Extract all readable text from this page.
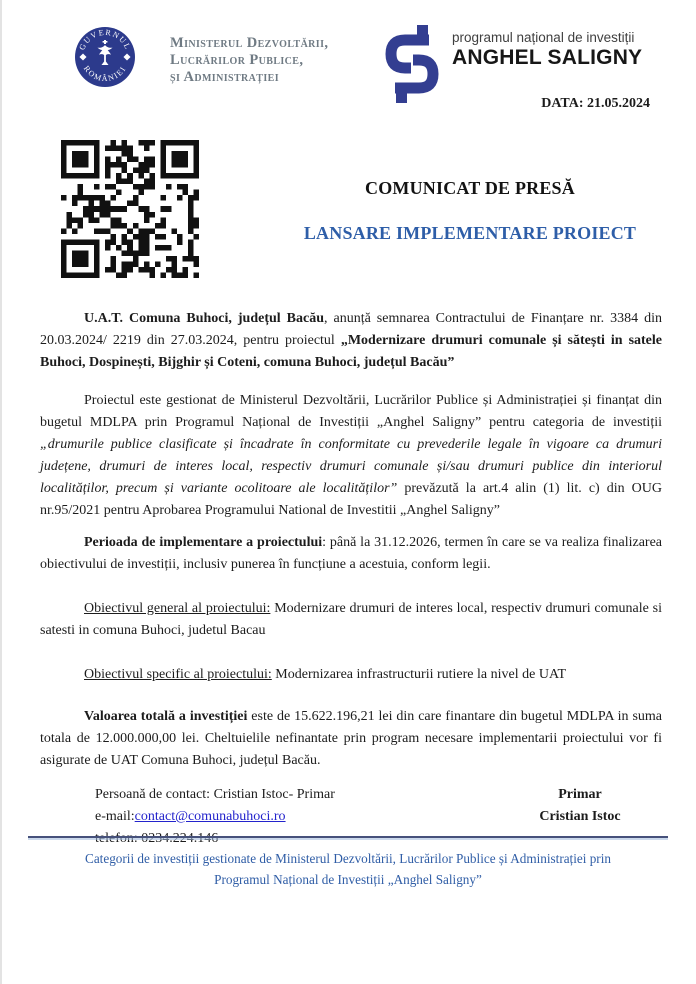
GUVERNUL
ROMÂNIEI
Ministerul Dezvoltării,
Lucrărilor Publice,
și Administrației
programul național de investiții
ANGHEL SALIGNY
DATA: 21.05.2024
COMUNICAT DE PRESĂ
LANSARE IMPLEMENTARE PROIECT

U.A.T. Comuna Buhoci, județul Bacău, anunță semnarea Contractului de Finanțare nr. 3384 din 20.03.2024/ 2219 din 27.03.2024, pentru proiectul „Modernizare drumuri comunale și sătești in satele Buhoci, Dospinești, Bijghir și Coteni, comuna Buhoci, județul Bacău”

Proiectul este gestionat de Ministerul Dezvoltării, Lucrărilor Publice și Administrației și finanțat din bugetul MDLPA prin Programul Național de Investiții „Anghel Saligny” pentru categoria de investiții „drumurile publice clasificate și încadrate în conformitate cu prevederile legale în vigoare ca drumuri județene, drumuri de interes local, respectiv drumuri comunale și/sau drumuri publice din interiorul localităților, precum și variante ocolitoare ale localităților” prevăzută la art.4 alin (1) lit. c) din OUG nr.95/2021 pentru Aprobarea Programului National de Investitii „Anghel Saligny”

Perioada de implementare a proiectului: până la 31.12.2026, termen în care se va realiza finalizarea obiectivului de investiții, inclusiv punerea în funcțiune a acestuia, conform legii.

Obiectivul general al proiectului: Modernizare drumuri de interes local, respectiv drumuri comunale si satesti in comuna Buhoci, judetul Bacau

Obiectivul specific al proiectului: Modernizarea infrastructurii rutiere la nivel de UAT

Valoarea totală a investiției este de 15.622.196,21 lei din care finantare din bugetul MDLPA in suma totala de 12.000.000,00 lei. Cheltuielile nefinantate prin program necesare implementarii proiectului vor fi asigurate de UAT Comuna Buhoci, județul Bacău.

Persoană de contact: Cristian Istoc- Primar
e-mail:contact@comunabuhoci.ro
telefon: 0234.224.146
Primar
Cristian Istoc
Categorii de investiții gestionate de Ministerul Dezvoltării, Lucrărilor Publice și Administrației prin
Programul Național de Investiții „Anghel Saligny”
